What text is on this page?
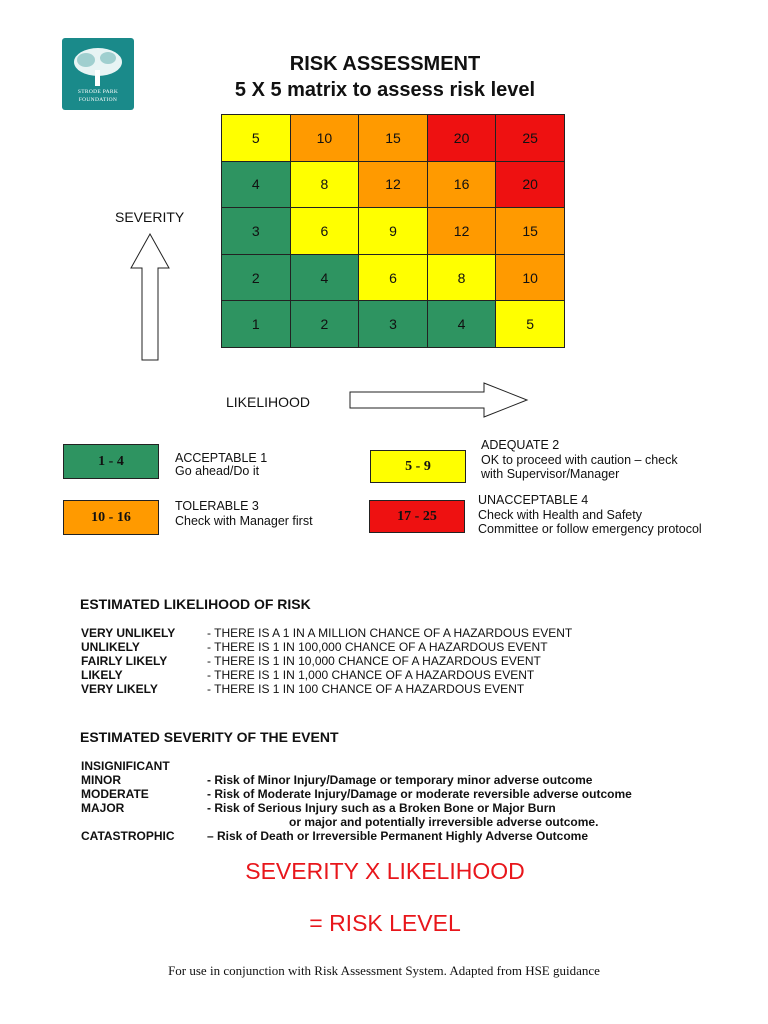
STRODE PARK
FOUNDATION
RISK ASSESSMENT
5 X 5 matrix to assess risk level
5	10	15	20	25
4	8	12	16	20
3	6	9	12	15
2	4	6	8	10
1	2	3	4	5
SEVERITY
LIKELIHOOD
1 - 4	ACCEPTABLE 1
Go ahead/Do it	5 - 9
ADEQUATE 2
OK to proceed with caution – check
with Supervisor/Manager
10 - 16
TOLERABLE 3
Check with Manager first	17 - 25
UNACCEPTABLE 4
Check with Health and Safety
Committee or follow emergency protocol
ESTIMATED LIKELIHOOD OF RISK
VERY UNLIKELY	- THERE IS A 1 IN A MILLION CHANCE OF A HAZARDOUS EVENT
UNLIKELY	- THERE IS 1 IN 100,000 CHANCE OF A HAZARDOUS EVENT
FAIRLY LIKELY	- THERE IS 1 IN 10,000 CHANCE OF A HAZARDOUS EVENT
LIKELY	- THERE IS 1 IN 1,000 CHANCE OF A HAZARDOUS EVENT
VERY LIKELY	- THERE IS 1 IN 100 CHANCE OF A HAZARDOUS EVENT
ESTIMATED SEVERITY OF THE EVENT
INSIGNIFICANT
MINOR	- Risk of Minor Injury/Damage or temporary minor adverse outcome
MODERATE	- Risk of Moderate Injury/Damage or moderate reversible adverse outcome
MAJOR	- Risk of Serious Injury such as a Broken Bone or Major Burn
or major and potentially irreversible adverse outcome.
CATASTROPHIC	– Risk of Death or Irreversible Permanent Highly Adverse Outcome
SEVERITY X LIKELIHOOD
= RISK LEVEL
For use in conjunction with Risk Assessment System. Adapted from HSE guidance
